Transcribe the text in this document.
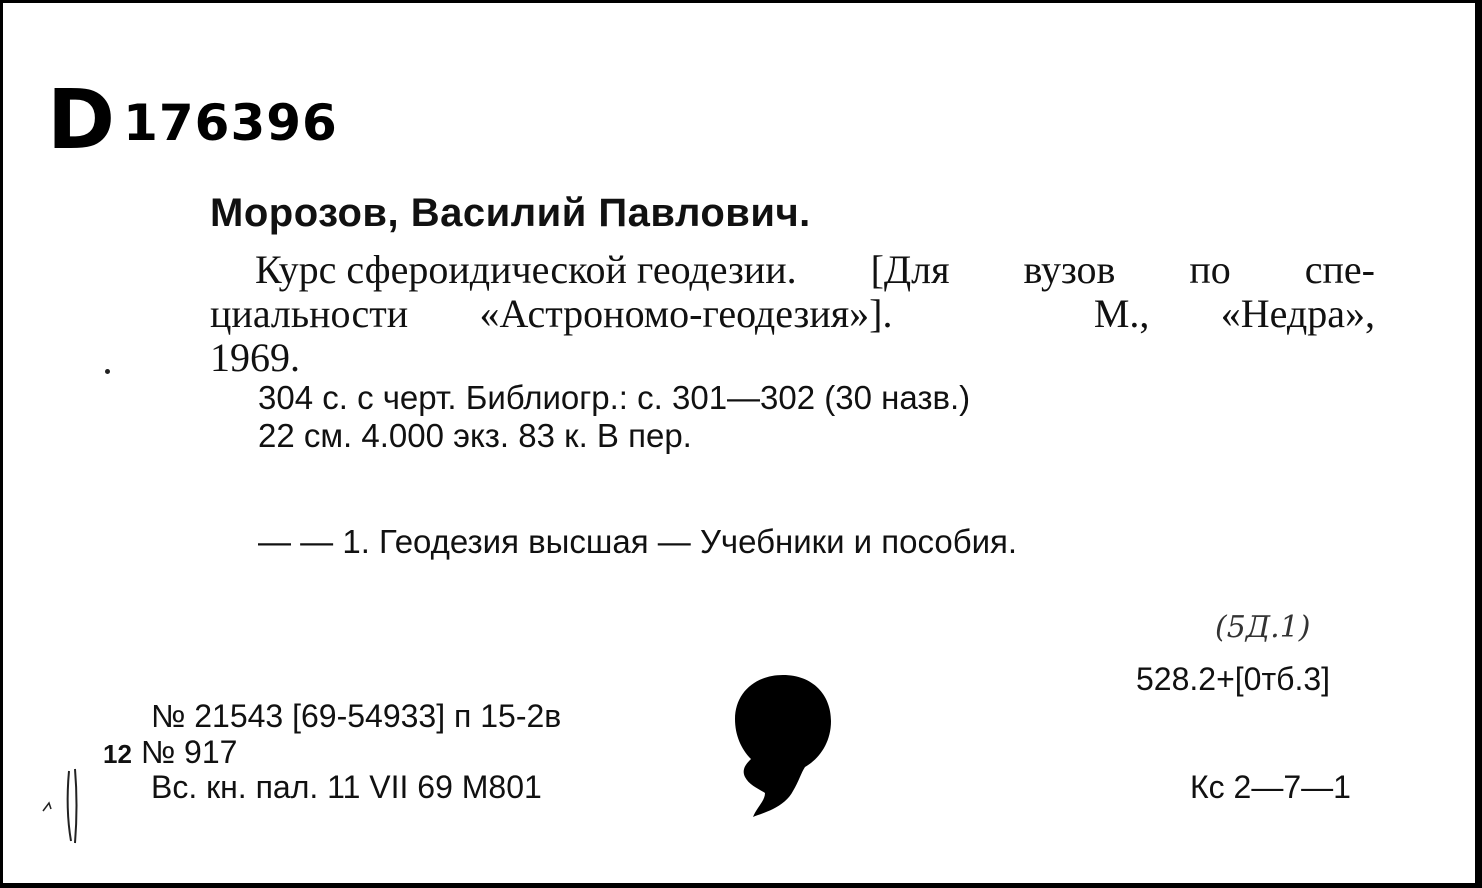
D 176396
Морозов, Василий Павлович.
Курс сфероидической геодезии. [Для вузов по спе-
циальности «Астрономо-геодезия»].	М., «Недра»,
1969.
304 с. с черт. Библиогр.: с. 301—302 (30 назв.)
22 см. 4.000 экз. 83 к. В пер.
— — 1. Геодезия высшая — Учебники и пособия.
(5Д.1)
528.2+[0тб.3]
№ 21543 [69-54933] п 15-2в
12 № 917
Вс. кн. пал. 11 VII 69 М801	Кс 2—7—1
